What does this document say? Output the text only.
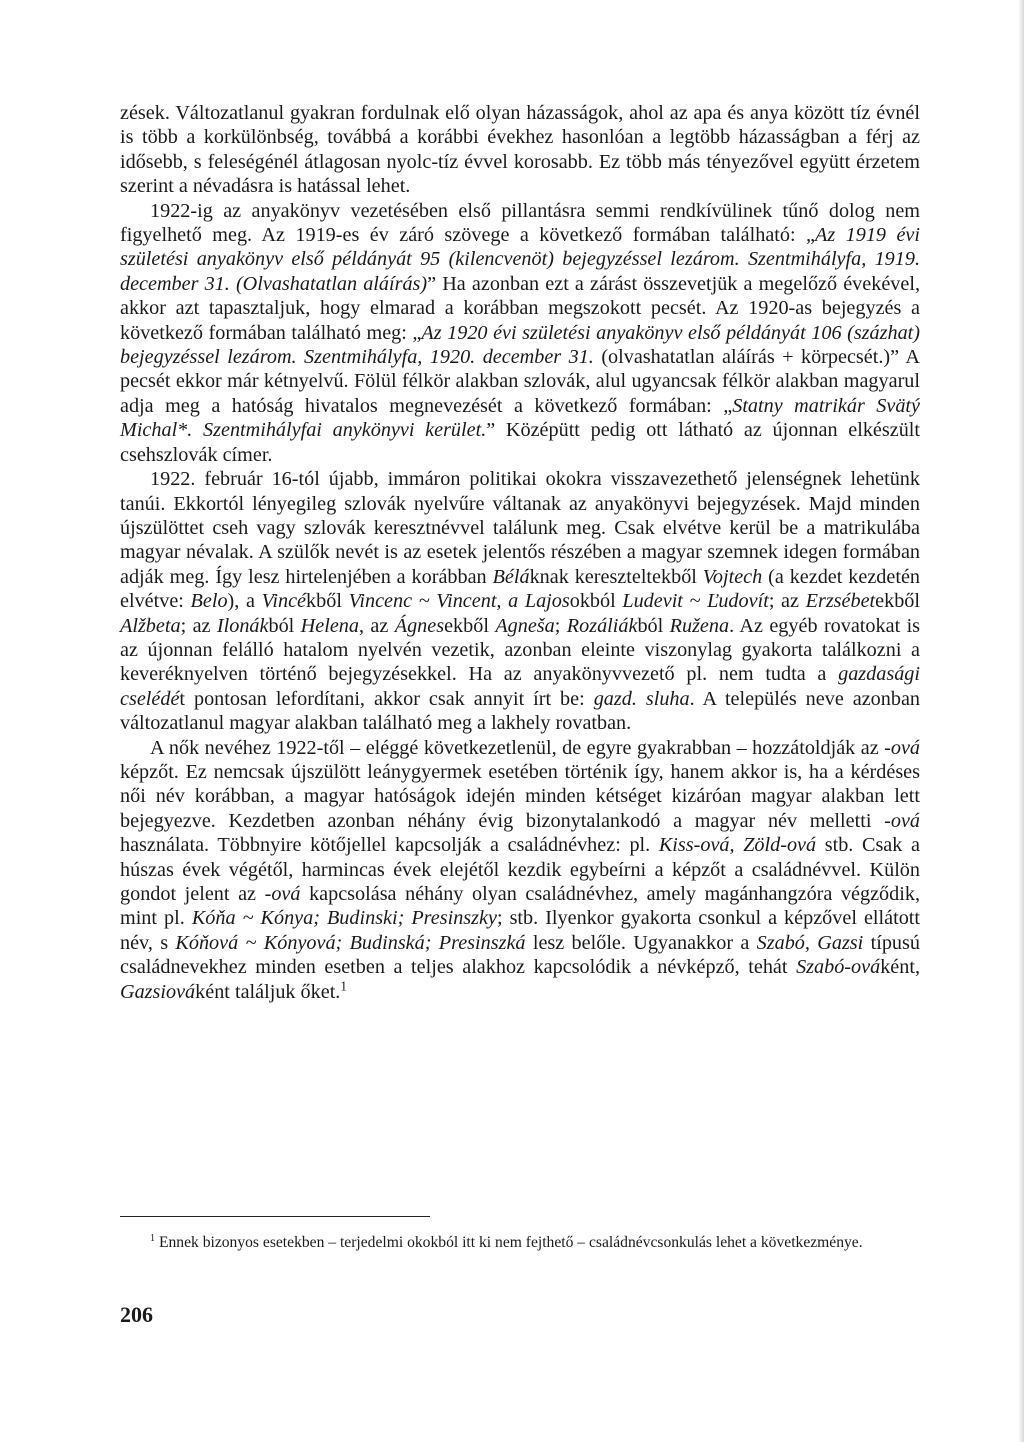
zések. Változatlanul gyakran fordulnak elő olyan házasságok, ahol az apa és anya között tíz évnél is több a korkülönbség, továbbá a korábbi évekhez hasonlóan a legtöbb házasságban a férj az idősebb, s feleségénél átlagosan nyolc-tíz évvel korosabb. Ez több más tényezővel együtt érzetem szerint a névadásra is hatással lehet.

1922-ig az anyakönyv vezetésében első pillantásra semmi rendkívülinek tűnő dolog nem figyelhető meg. Az 1919-es év záró szövege a következő formában található: „Az 1919 évi születési anyakönyv első példányát 95 (kilencvenöt) bejegyzéssel lezárom. Szentmihályfa, 1919. december 31. (Olvashatatlan aláírás)” Ha azonban ezt a zárást összevetjük a megelőző évekével, akkor azt tapasztaljuk, hogy elmarad a korábban megszokott pecsét. Az 1920-as bejegyzés a következő formában található meg: „Az 1920 évi születési anyakönyv első példányát 106 (százhat) bejegyzéssel lezárom. Szentmihályfa, 1920. december 31. (olvashatatlan aláírás + körpecsét.)” A pecsét ekkor már kétnyelvű. Fölül félkör alakban szlovák, alul ugyancsak félkör alakban magyarul adja meg a hatóság hivatalos megnevezését a következő formában: „Statny matrikár Svätý Michal*. Szentmihályfai anykönyvi kerület.” Középütt pedig ott látható az újonnan elkészült csehszlovák címer.

1922. február 16-tól újabb, immáron politikai okokra visszavezethető jelenségnek lehetünk tanúi. Ekkortól lényegileg szlovák nyelvűre váltanak az anyakönyvi bejegyzések. Majd minden újszülöttet cseh vagy szlovák keresztnévvel találunk meg. Csak elvétve kerül be a matrikulába magyar névalak. A szülők nevét is az esetek jelentős részében a magyar szemnek idegen formában adják meg. Így lesz hirtelenjében a korábban Béláknak kereszteltekből Vojtech (a kezdet kezdetén elvétve: Belo), a Vincékből Vincenc ~ Vincent, a Lajosokból Ludevit ~ Ľudovít; az Erzsébetekből Alžbeta; az Ilonákból Helena, az Ágnesekből Agneša; Rozáliákból Ružena. Az egyéb rovatokat is az újonnan felálló hatalom nyelvén vezetik, azonban eleinte viszonylag gyakorta találkozni a keveréknyelven történő bejegyzésekkel. Ha az anyakönyvvezető pl. nem tudta a gazdasági cselédét pontosan lefordítani, akkor csak annyit írt be: gazd. sluha. A település neve azonban változatlanul magyar alakban található meg a lakhely rovatban.

A nők nevéhez 1922-től – eléggé következetlenül, de egyre gyakrabban – hozzátoldják az -ová képzőt. Ez nemcsak újszülött leánygyermek esetében történik így, hanem akkor is, ha a kérdéses női név korábban, a magyar hatóságok idején minden kétséget kizáróan magyar alakban lett bejegyezve. Kezdetben azonban néhány évig bizonytalankodó a magyar név melletti -ová használata. Többnyire kötőjellel kapcsolják a családnévhez: pl. Kiss-ová, Zöld-ová stb. Csak a húszas évek végétől, harmincas évek elejétől kezdik egybeírni a képzőt a családnévvel. Külön gondot jelent az -ová kapcsolása néhány olyan családnévhez, amely magánhangzóra végződik, mint pl. Kóňa ~ Kónya; Budinski; Presinszky; stb. Ilyenkor gyakorta csonkul a képzővel ellátott név, s Kóňová ~ Kónyová; Budinská; Presinszká lesz belőle. Ugyanakkor a Szabó, Gazsi típusú családnevekhez minden esetben a teljes alakhoz kapcsolódik a névképző, tehát Szabó-ováként, Gazsiováként találjuk őket.$^1$

$^1$ Ennek bizonyos esetekben – terjedelmi okokból itt ki nem fejthető – családnévcsonkulás lehet a következménye.

206
